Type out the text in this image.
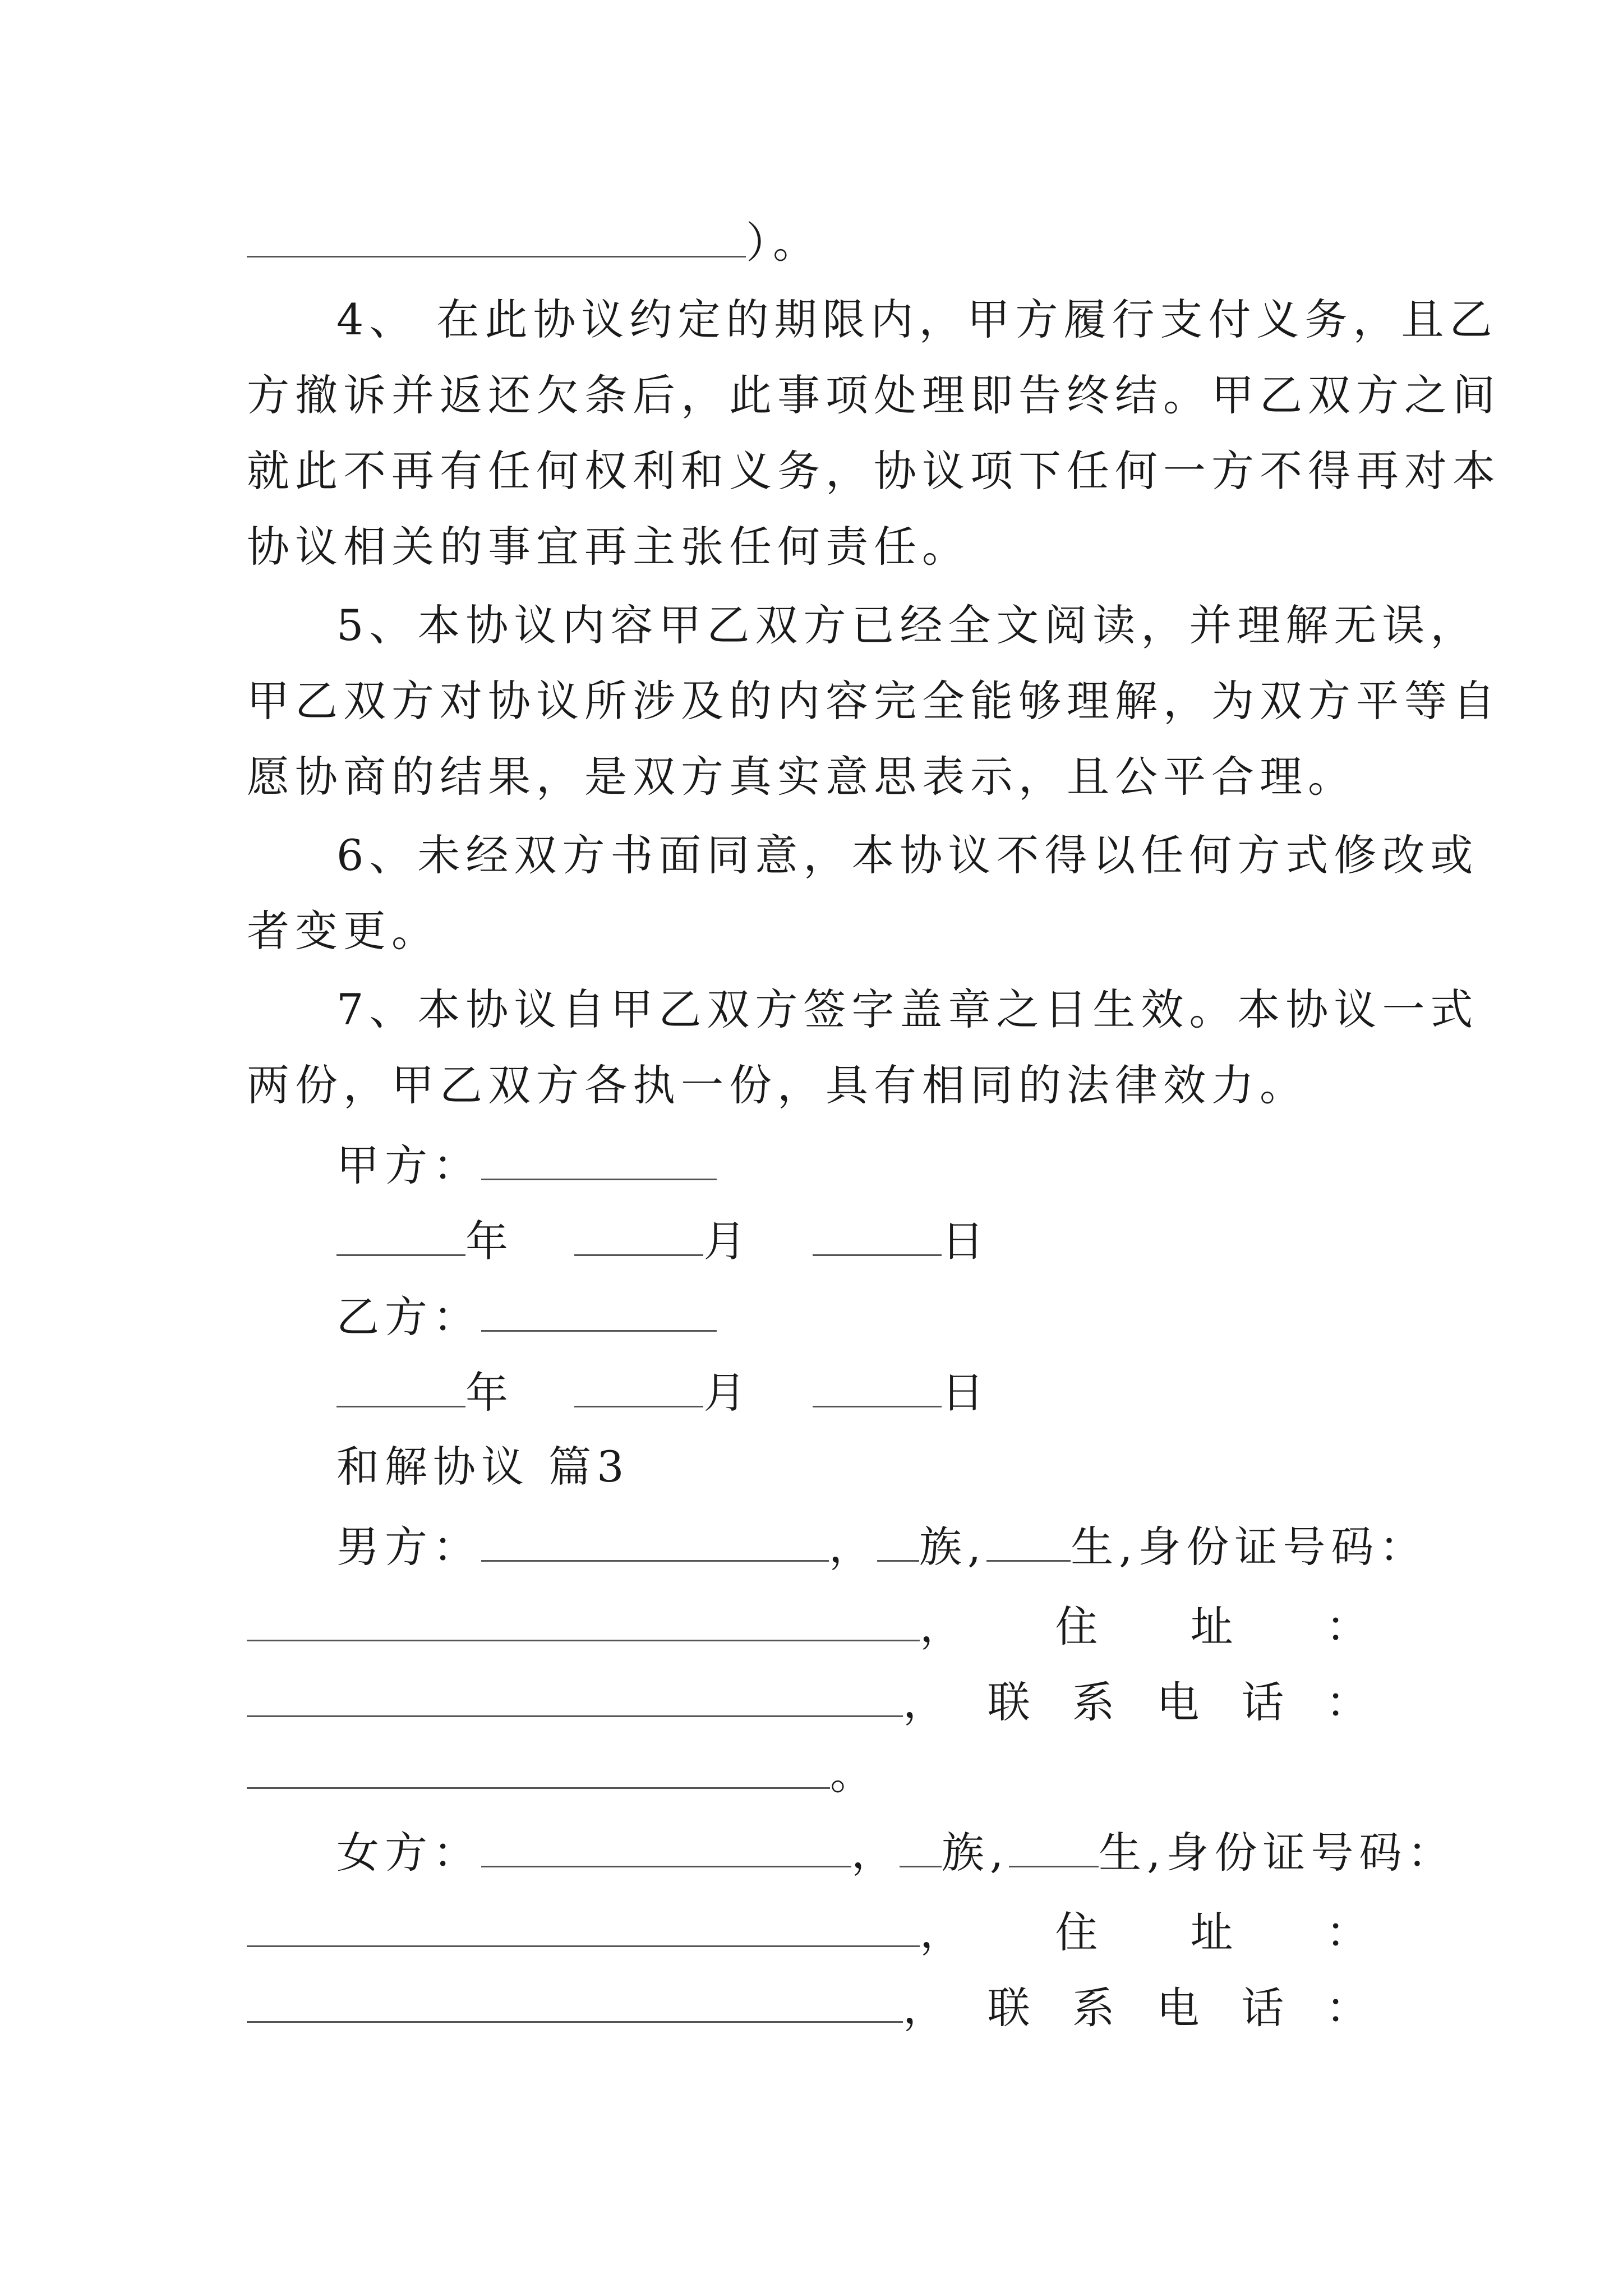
）。
4、 在此协议约定的期限内，甲方履行支付义务，且乙
方撤诉并返还欠条后，此事项处理即告终结。甲乙双方之间
就此不再有任何权利和义务，协议项下任何一方不得再对本
协议相关的事宜再主张任何责任。
5、本协议内容甲乙双方已经全文阅读，并理解无误，
甲乙双方对协议所涉及的内容完全能够理解，为双方平等自
愿协商的结果，是双方真实意思表示，且公平合理。
6、未经双方书面同意，本协议不得以任何方式修改或
者变更。
7、本协议自甲乙双方签字盖章之日生效。本协议一式
两份，甲乙双方各执一份，具有相同的法律效力。
甲方：
年	月	日
乙方：
年	月	日
和解协议 篇3
男方：	， 族, 生,身份证号码：
， 住 址 ：
， 联 系 电 话 ：
。
女方：	， 族, 生,身份证号码：
， 住 址 ：
， 联 系 电 话 ：
